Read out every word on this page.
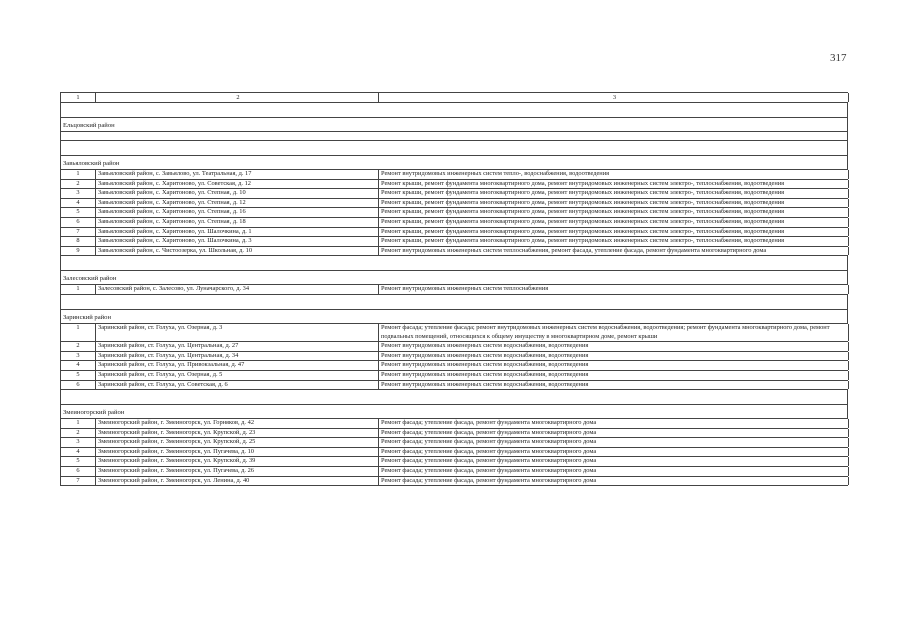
317
1	2	3
Ельцовский район
Завьяловский район
1	Завьяловский район, с. Завьялово, ул. Театральная, д. 17	Ремонт внутридомовых инженерных систем тепло-, водоснабжения, водоотведения
2	Завьяловский район, с. Харитоново, ул. Советская, д. 12	Ремонт крыши, ремонт фундамента многоквартирного дома, ремонт внутридомовых инженерных систем электро-, теплоснабжения, водоотведения
3	Завьяловский район, с. Харитоново, ул. Степная, д. 10	Ремонт крыши, ремонт фундамента многоквартирного дома, ремонт внутридомовых инженерных систем электро-, теплоснабжения, водоотведения
4	Завьяловский район, с. Харитоново, ул. Степная, д. 12	Ремонт крыши, ремонт фундамента многоквартирного дома, ремонт внутридомовых инженерных систем электро-, теплоснабжения, водоотведения
5	Завьяловский район, с. Харитоново, ул. Степная, д. 16	Ремонт крыши, ремонт фундамента многоквартирного дома, ремонт внутридомовых инженерных систем электро-, теплоснабжения, водоотведения
6	Завьяловский район, с. Харитоново, ул. Степная, д. 18	Ремонт крыши, ремонт фундамента многоквартирного дома, ремонт внутридомовых инженерных систем электро-, теплоснабжения, водоотведения
7	Завьяловский район, с. Харитоново, ул. Шалочкина, д. 1	Ремонт крыши, ремонт фундамента многоквартирного дома, ремонт внутридомовых инженерных систем электро-, теплоснабжения, водоотведения
8	Завьяловский район, с. Харитоново, ул. Шалочкина, д. 3	Ремонт крыши, ремонт фундамента многоквартирного дома, ремонт внутридомовых инженерных систем электро-, теплоснабжения, водоотведения
9	Завьяловский район, с. Чистоозерка, ул. Школьная, д. 10	Ремонт внутридомовых инженерных систем теплоснабжения, ремонт фасада, утепление фасада, ремонт фундамента многоквартирного дома
Залесовский район
1	Залесовский район, с. Залесово, ул. Луначарского, д. 34	Ремонт внутридомовых инженерных систем теплоснабжения
Заринский район
1	Заринский район, ст. Голуха, ул. Озерная, д. 3	Ремонт фасада; утепление фасада; ремонт внутридомовых инженерных систем водоснабжения, водоотведения; ремонт фундамента многоквартирного дома, ремонт подвальных помещений, относящихся к общему имуществу в многоквартирном доме, ремонт крыши
2	Заринский район, ст. Голуха, ул. Центральная, д. 27	Ремонт внутридомовых инженерных систем водоснабжения, водоотведения
3	Заринский район, ст. Голуха, ул. Центральная, д. 34	Ремонт внутридомовых инженерных систем водоснабжения, водоотведения
4	Заринский район, ст. Голуха, ул. Привокзальная, д. 47	Ремонт внутридомовых инженерных систем водоснабжения, водоотведения
5	Заринский район, ст. Голуха, ул. Озерная, д. 5	Ремонт внутридомовых инженерных систем водоснабжения, водоотведения
6	Заринский район, ст. Голуха, ул. Советская, д. 6	Ремонт внутридомовых инженерных систем водоснабжения, водоотведения
Змеиногорский район
1	Змеиногорский район, г. Змеиногорск, ул. Горняков, д. 42	Ремонт фасада; утепление фасада, ремонт фундамента многоквартирного дома
2	Змеиногорский район, г. Змеиногорск, ул. Крупской, д. 23	Ремонт фасада; утепление фасада, ремонт фундамента многоквартирного дома
3	Змеиногорский район, г. Змеиногорск, ул. Крупской, д. 25	Ремонт фасада; утепление фасада, ремонт фундамента многоквартирного дома
4	Змеиногорский район, г. Змеиногорск, ул. Пугачева, д. 10	Ремонт фасада; утепление фасада, ремонт фундамента многоквартирного дома
5	Змеиногорский район, г. Змеиногорск, ул. Крупской, д. 39	Ремонт фасада; утепление фасада, ремонт фундамента многоквартирного дома
6	Змеиногорский район, г. Змеиногорск, ул. Пугачева, д. 26	Ремонт фасада; утепление фасада, ремонт фундамента многоквартирного дома
7	Змеиногорский район, г. Змеиногорск, ул. Ленина, д. 40	Ремонт фасада; утепление фасада, ремонт фундамента многоквартирного дома
